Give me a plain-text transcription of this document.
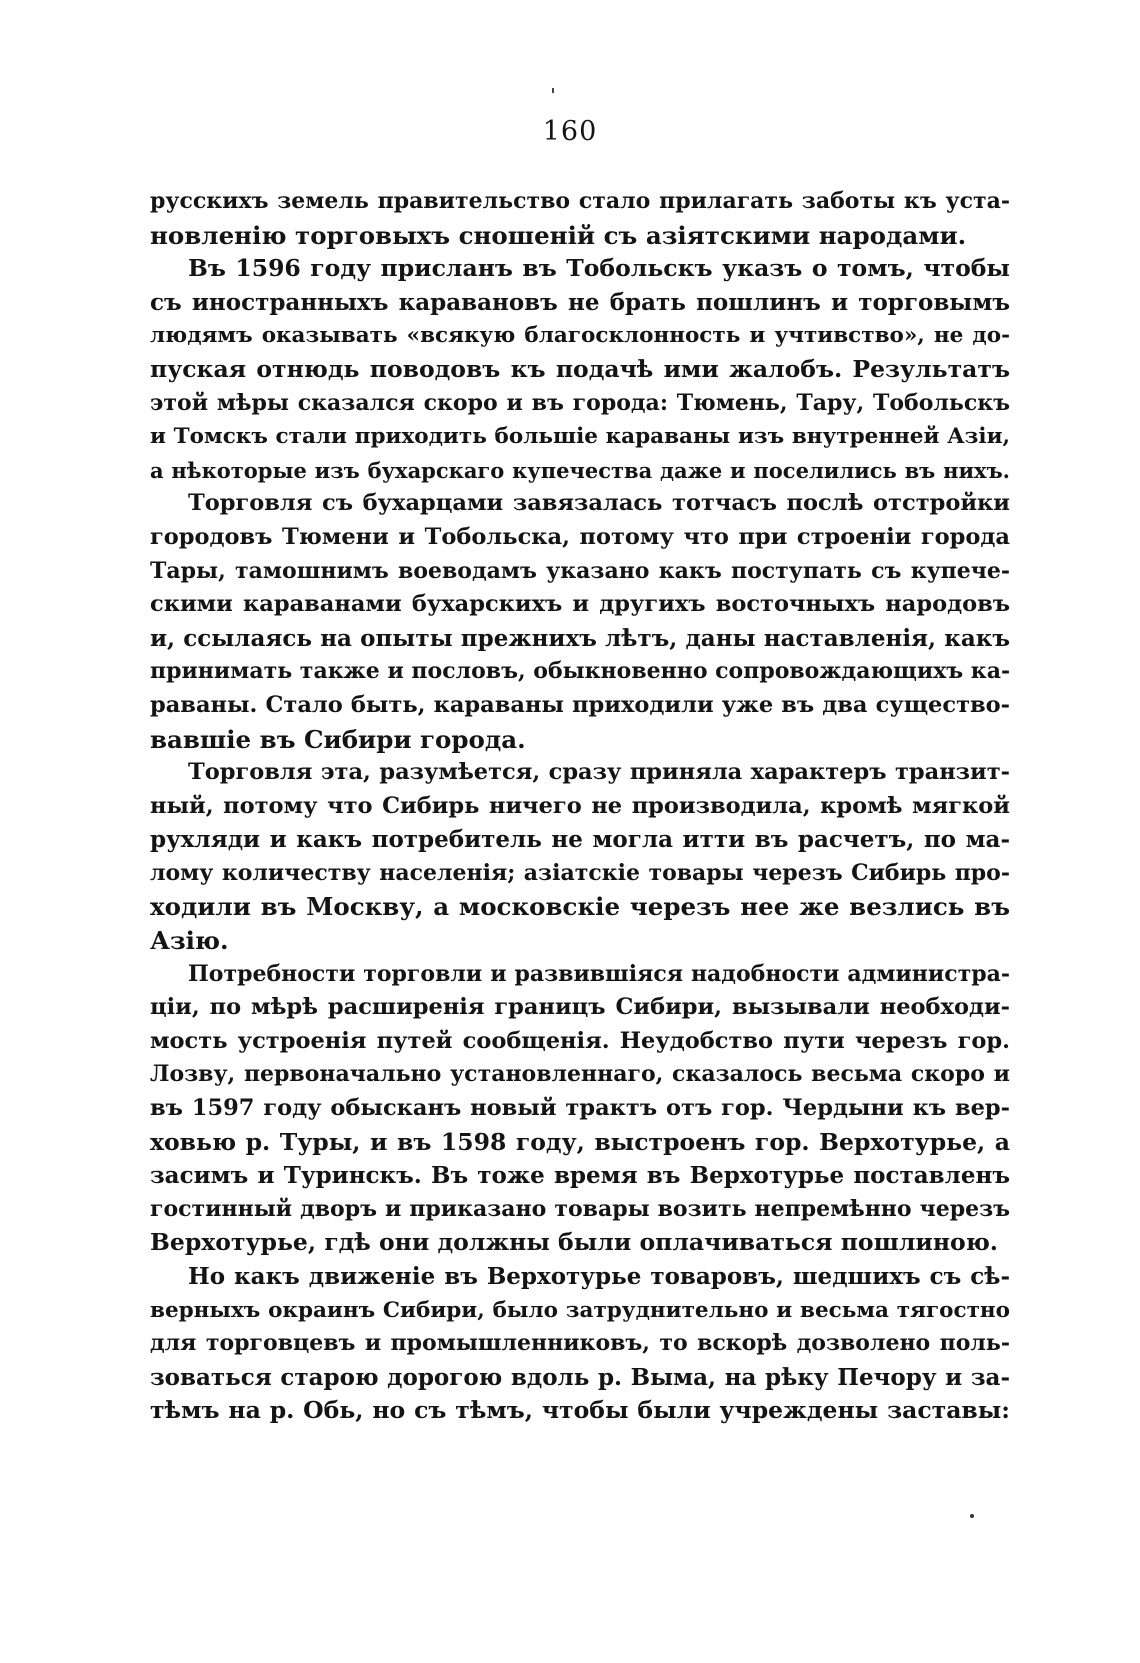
160
русскихъ земель правительство стало прилагать заботы къ уста-
новленiю торговыхъ сношенiй съ азiятскими народами.
Въ 1596 году присланъ въ Тобольскъ указъ о томъ, чтобы
съ иностранныхъ каравановъ не брать пошлинъ и торговымъ
людямъ оказывать «всякую благосклонность и учтивство», не до-
пуская отнюдь поводовъ къ подачѣ ими жалобъ. Результатъ
этой мѣры сказался скоро и въ города: Тюмень, Тару, Тобольскъ
и Томскъ стали приходить большiе караваны изъ внутренней Азiи,
а нѣкоторые изъ бухарскаго купечества даже и поселились въ нихъ.
Торговля съ бухарцами завязалась тотчасъ послѣ отстройки
городовъ Тюмени и Тобольска, потому что при строенiи города
Тары, тамошнимъ воеводамъ указано какъ поступать съ купече-
скими караванами бухарскихъ и другихъ восточныхъ народовъ
и, ссылаясь на опыты прежнихъ лѣтъ, даны наставленiя, какъ
принимать также и пословъ, обыкновенно сопровождающихъ ка-
раваны. Стало быть, караваны приходили уже въ два существо-
вавшiе въ Сибири города.
Торговля эта, разумѣется, сразу приняла характеръ транзит-
ный, потому что Сибирь ничего не производила, кромѣ мягкой
рухляди и какъ потребитель не могла итти въ расчетъ, по ма-
лому количеству населенiя; азiатскiе товары черезъ Сибирь про-
ходили въ Москву, а московскiе черезъ нее же везлись въ
Азiю.
Потребности торговли и развившiяся надобности администра-
цiи, по мѣрѣ расширенiя границъ Сибири, вызывали необходи-
мость устроенiя путей сообщенiя. Неудобство пути черезъ гор.
Лозву, первоначально установленнаго, сказалось весьма скоро и
въ 1597 году обысканъ новый трактъ отъ гор. Чердыни къ вер-
ховью р. Туры, и въ 1598 году, выстроенъ гор. Верхотурье, а
засимъ и Туринскъ. Въ тоже время въ Верхотурье поставленъ
гостинный дворъ и приказано товары возить непремѣнно черезъ
Верхотурье, гдѣ они должны были оплачиваться пошлиною.
Но какъ движенiе въ Верхотурье товаровъ, шедшихъ съ сѣ-
верныхъ окраинъ Сибири, было затруднительно и весьма тягостно
для торговцевъ и промышленниковъ, то вскорѣ дозволено поль-
зоваться старою дорогою вдоль р. Выма, на рѣку Печору и за-
тѣмъ на р. Обь, но съ тѣмъ, чтобы были учреждены заставы:
